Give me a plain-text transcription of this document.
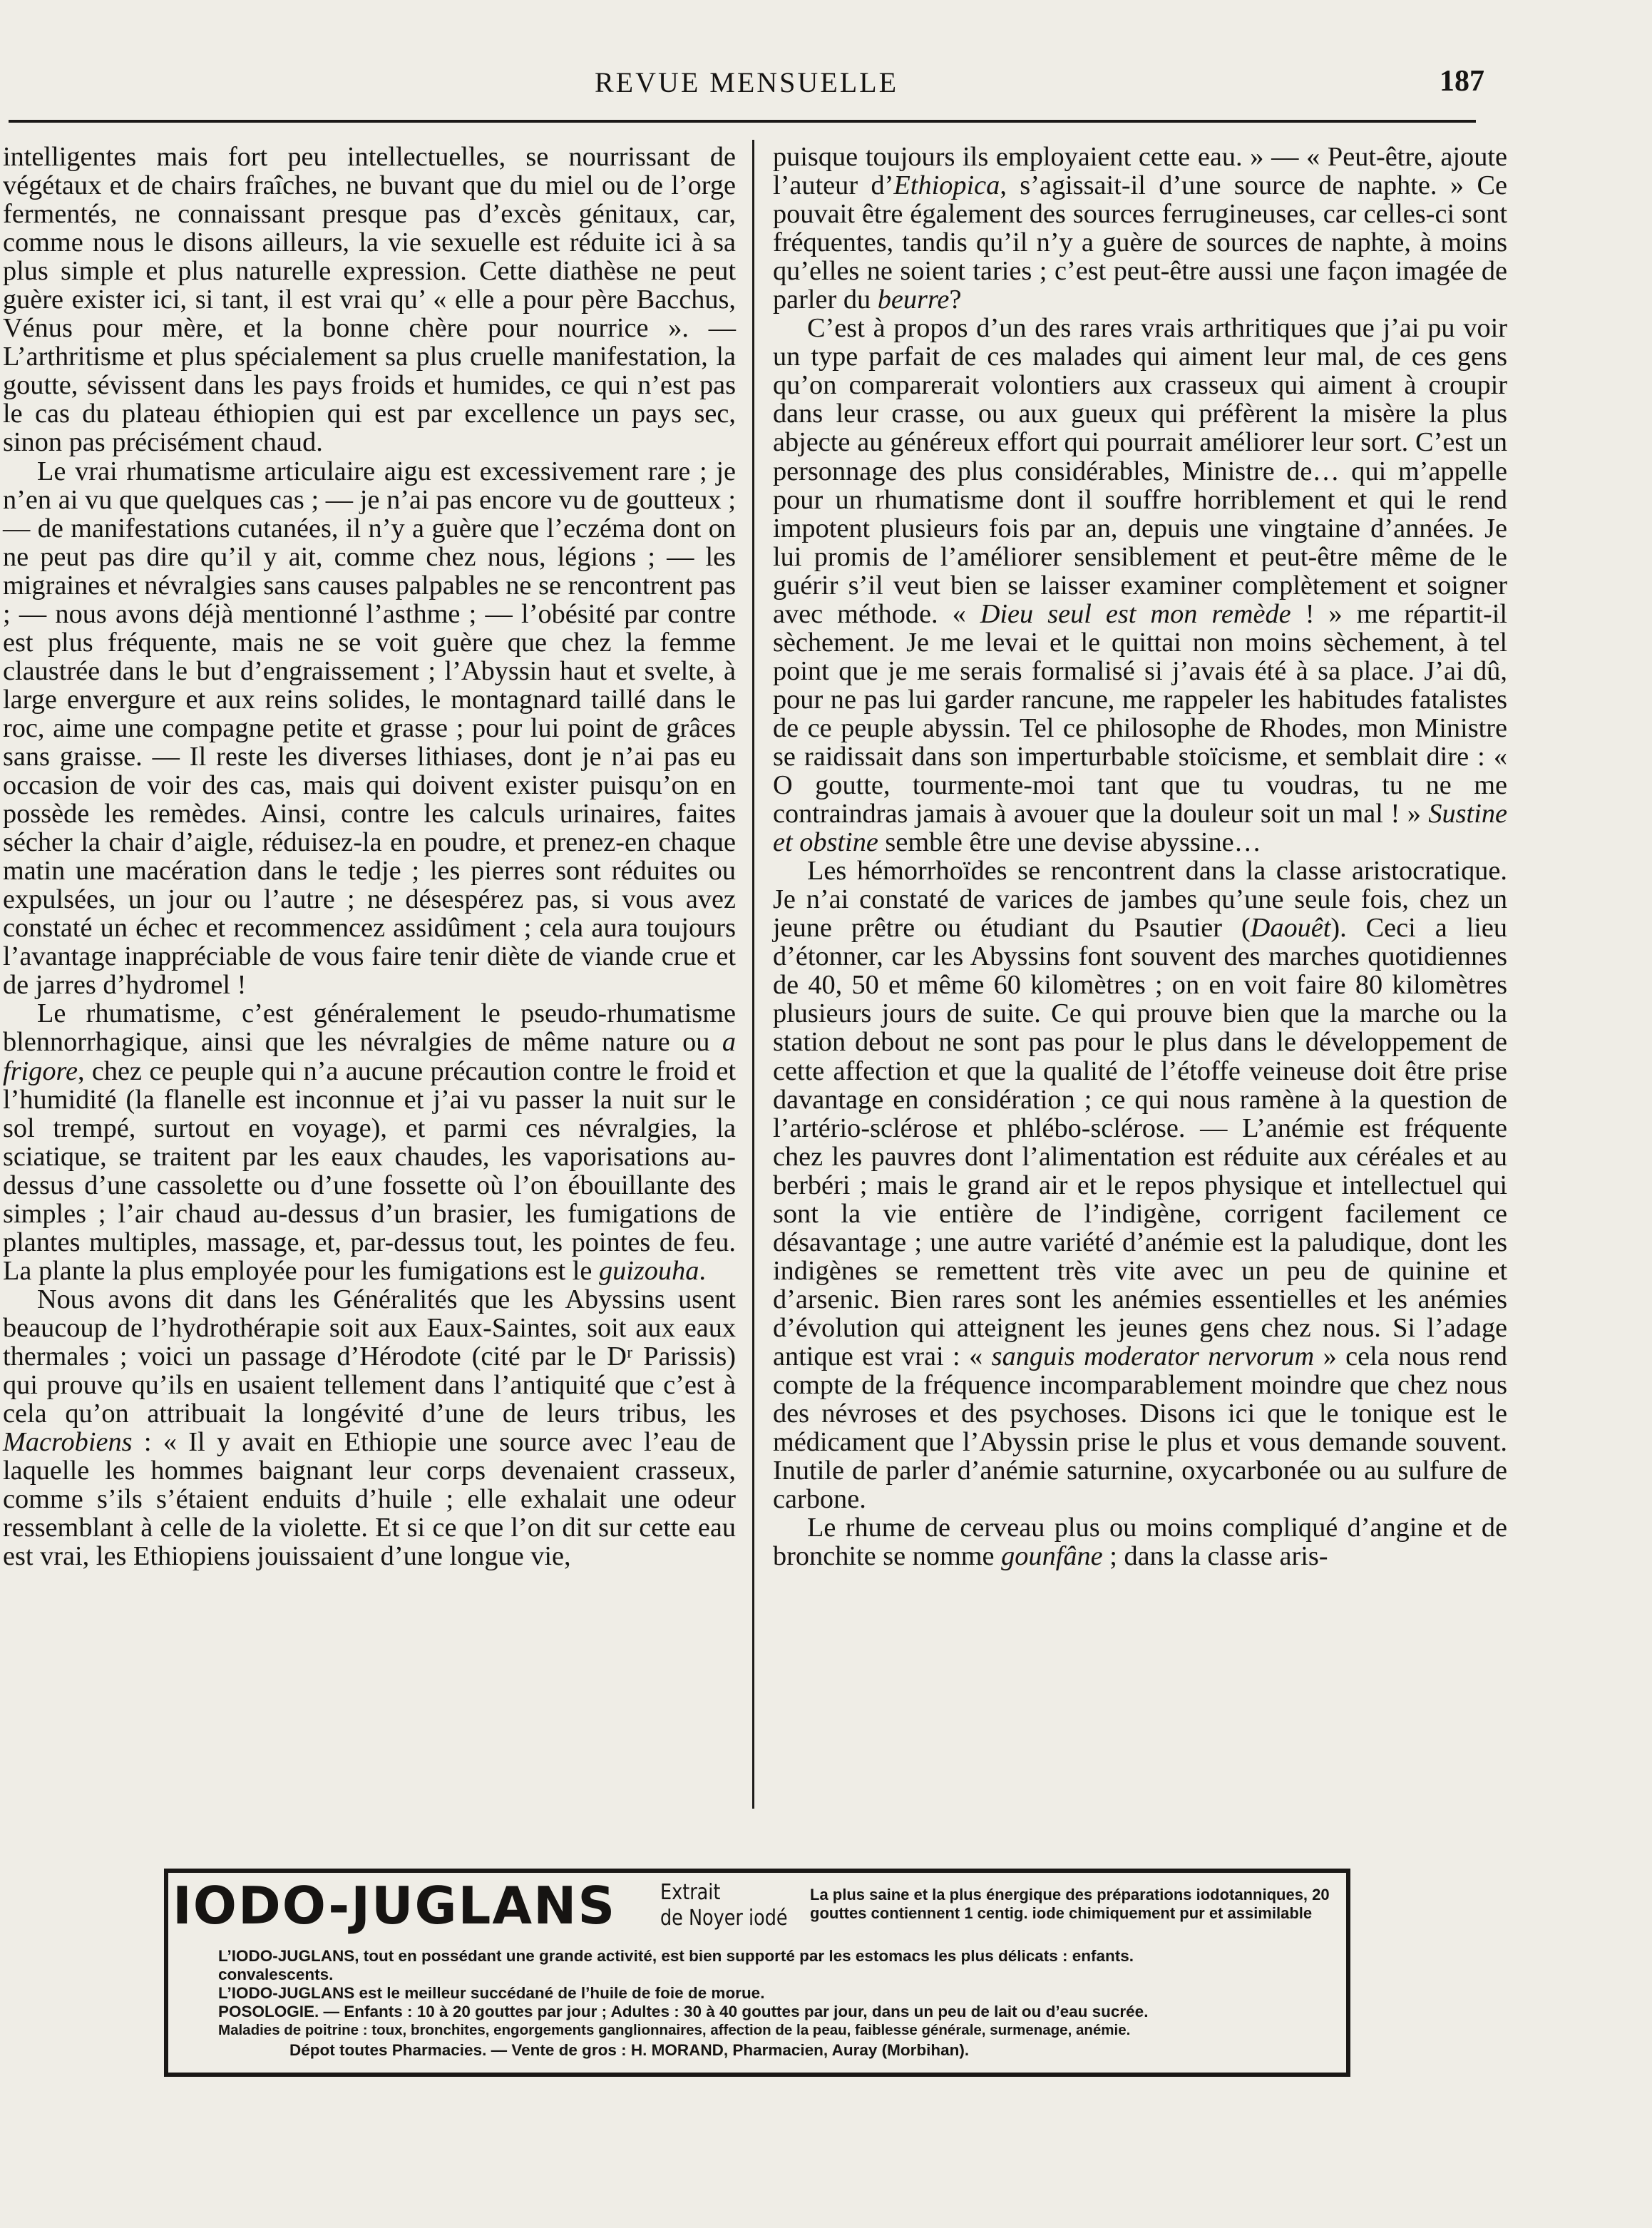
REVUE MENSUELLE	187

intelligentes mais fort peu intellectuelles, se nourrissant de végétaux et de chairs fraîches, ne buvant que du miel ou de l’orge fermentés, ne connaissant presque pas d’excès génitaux, car, comme nous le disons ailleurs, la vie sexuelle est réduite ici à sa plus simple et plus naturelle expression. Cette diathèse ne peut guère exister ici, si tant, il est vrai qu’ « elle a pour père Bacchus, Vénus pour mère, et la bonne chère pour nourrice ». — L’arthritisme et plus spécialement sa plus cruelle manifestation, la goutte, sévissent dans les pays froids et humides, ce qui n’est pas le cas du plateau éthiopien qui est par excellence un pays sec, sinon pas précisément chaud.

Le vrai rhumatisme articulaire aigu est excessivement rare ; je n’en ai vu que quelques cas ; — je n’ai pas encore vu de goutteux ; — de manifestations cutanées, il n’y a guère que l’eczéma dont on ne peut pas dire qu’il y ait, comme chez nous, légions ; — les migraines et névralgies sans causes palpables ne se rencontrent pas ; — nous avons déjà mentionné l’asthme ; — l’obésité par contre est plus fréquente, mais ne se voit guère que chez la femme claustrée dans le but d’engraissement ; l’Abyssin haut et svelte, à large envergure et aux reins solides, le montagnard taillé dans le roc, aime une compagne petite et grasse ; pour lui point de grâces sans graisse. — Il reste les diverses lithiases, dont je n’ai pas eu occasion de voir des cas, mais qui doivent exister puisqu’on en possède les remèdes. Ainsi, contre les calculs urinaires, faites sécher la chair d’aigle, réduisez-la en poudre, et prenez-en chaque matin une macération dans le tedje ; les pierres sont réduites ou expulsées, un jour ou l’autre ; ne désespérez pas, si vous avez constaté un échec et recommencez assidûment ; cela aura toujours l’avantage inappréciable de vous faire tenir diète de viande crue et de jarres d’hydromel !

Le rhumatisme, c’est généralement le pseudo-rhumatisme blennorrhagique, ainsi que les névralgies de même nature ou a frigore, chez ce peuple qui n’a aucune précaution contre le froid et l’humidité (la flanelle est inconnue et j’ai vu passer la nuit sur le sol trempé, surtout en voyage), et parmi ces névralgies, la sciatique, se traitent par les eaux chaudes, les vaporisations au-dessus d’une cassolette ou d’une fossette où l’on ébouillante des simples ; l’air chaud au-dessus d’un brasier, les fumigations de plantes multiples, massage, et, par-dessus tout, les pointes de feu. La plante la plus employée pour les fumigations est le guizouha.

Nous avons dit dans les Généralités que les Abyssins usent beaucoup de l’hydrothérapie soit aux Eaux-Saintes, soit aux eaux thermales ; voici un passage d’Hérodote (cité par le Dʳ Parissis) qui prouve qu’ils en usaient tellement dans l’antiquité que c’est à cela qu’on attribuait la longévité d’une de leurs tribus, les Macrobiens : « Il y avait en Ethiopie une source avec l’eau de laquelle les hommes baignant leur corps devenaient crasseux, comme s’ils s’étaient enduits d’huile ; elle exhalait une odeur ressemblant à celle de la violette. Et si ce que l’on dit sur cette eau est vrai, les Ethiopiens jouissaient d’une longue vie,

puisque toujours ils employaient cette eau. » — « Peut-être, ajoute l’auteur d’Ethiopica, s’agissait-il d’une source de naphte. » Ce pouvait être également des sources ferrugineuses, car celles-ci sont fréquentes, tandis qu’il n’y a guère de sources de naphte, à moins qu’elles ne soient taries ; c’est peut-être aussi une façon imagée de parler du beurre?

C’est à propos d’un des rares vrais arthritiques que j’ai pu voir un type parfait de ces malades qui aiment leur mal, de ces gens qu’on comparerait volontiers aux crasseux qui aiment à croupir dans leur crasse, ou aux gueux qui préfèrent la misère la plus abjecte au généreux effort qui pourrait améliorer leur sort. C’est un personnage des plus considérables, Ministre de… qui m’appelle pour un rhumatisme dont il souffre horriblement et qui le rend impotent plusieurs fois par an, depuis une vingtaine d’années. Je lui promis de l’améliorer sensiblement et peut-être même de le guérir s’il veut bien se laisser examiner complètement et soigner avec méthode. « Dieu seul est mon remède ! » me répartit-il sèchement. Je me levai et le quittai non moins sèchement, à tel point que je me serais formalisé si j’avais été à sa place. J’ai dû, pour ne pas lui garder rancune, me rappeler les habitudes fatalistes de ce peuple abyssin. Tel ce philosophe de Rhodes, mon Ministre se raidissait dans son imperturbable stoïcisme, et semblait dire : « O goutte, tourmente-moi tant que tu voudras, tu ne me contraindras jamais à avouer que la douleur soit un mal ! » Sustine et obstine semble être une devise abyssine…

Les hémorrhoïdes se rencontrent dans la classe aristocratique. Je n’ai constaté de varices de jambes qu’une seule fois, chez un jeune prêtre ou étudiant du Psautier (Daouêt). Ceci a lieu d’étonner, car les Abyssins font souvent des marches quotidiennes de 40, 50 et même 60 kilomètres ; on en voit faire 80 kilomètres plusieurs jours de suite. Ce qui prouve bien que la marche ou la station debout ne sont pas pour le plus dans le développement de cette affection et que la qualité de l’étoffe veineuse doit être prise davantage en considération ; ce qui nous ramène à la question de l’artério-sclérose et phlébo-sclérose. — L’anémie est fréquente chez les pauvres dont l’alimentation est réduite aux céréales et au berbéri ; mais le grand air et le repos physique et intellectuel qui sont la vie entière de l’indigène, corrigent facilement ce désavantage ; une autre variété d’anémie est la paludique, dont les indigènes se remettent très vite avec un peu de quinine et d’arsenic. Bien rares sont les anémies essentielles et les anémies d’évolution qui atteignent les jeunes gens chez nous. Si l’adage antique est vrai : « sanguis moderator nervorum » cela nous rend compte de la fréquence incomparablement moindre que chez nous des névroses et des psychoses. Disons ici que le tonique est le médicament que l’Abyssin prise le plus et vous demande souvent. Inutile de parler d’anémie saturnine, oxycarbonée ou au sulfure de carbone.

Le rhume de cerveau plus ou moins compliqué d’angine et de bronchite se nomme gounfâne ; dans la classe aris-

IODO-JUGLANS Extrait
de Noyer iodé
La plus saine et la plus énergique des préparations iodotanniques, 20 gouttes contiennent 1 centig. iode chimiquement pur et assimilable
L’IODO-JUGLANS, tout en possédant une grande activité, est bien supporté par les estomacs les plus délicats : enfants.
convalescents.
L’IODO-JUGLANS est le meilleur succédané de l’huile de foie de morue.
POSOLOGIE. — Enfants : 10 à 20 gouttes par jour ; Adultes : 30 à 40 gouttes par jour, dans un peu de lait ou d’eau sucrée.
Maladies de poitrine : toux, bronchites, engorgements ganglionnaires, affection de la peau, faiblesse générale, surmenage, anémie.
Dépot toutes Pharmacies. — Vente de gros : H. MORAND, Pharmacien, Auray (Morbihan).
